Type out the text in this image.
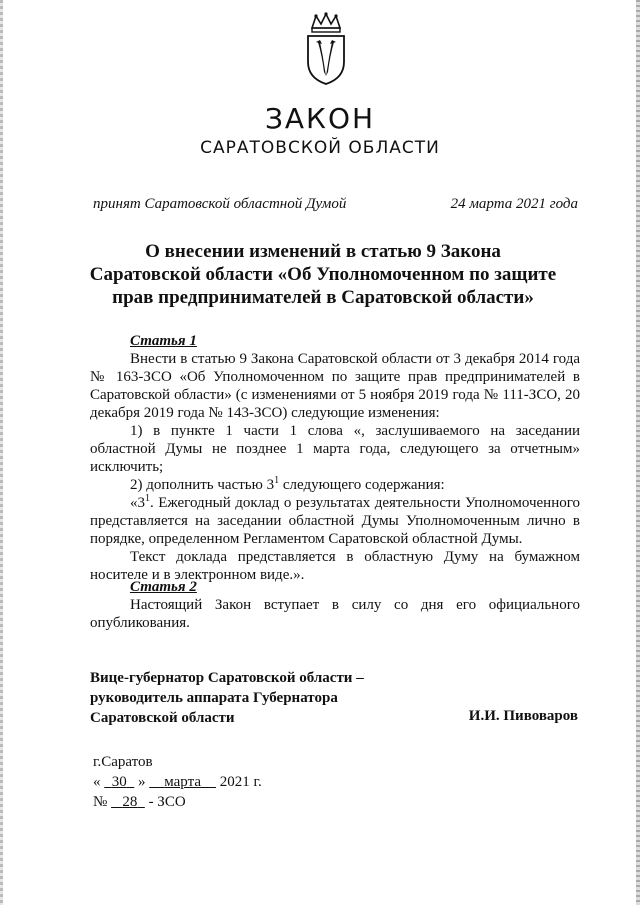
ЗАКОН
САРАТОВСКОЙ ОБЛАСТИ
принят Саратовской областной Думой	24 марта 2021 года
О внесении изменений в статью 9 Закона Саратовской области «Об Уполномоченном по защите прав предпринимателей в Саратовской области»
Статья 1

Внести в статью 9 Закона Саратовской области от 3 декабря 2014 года № 163-ЗСО «Об Уполномоченном по защите прав предпринимателей в Саратовской области» (с изменениями от 5 ноября 2019 года № 111-ЗСО, 20 декабря 2019 года № 143-ЗСО) следующие изменения:

1) в пункте 1 части 1 слова «, заслушиваемого на заседании областной Думы не позднее 1 марта года, следующего за отчетным» исключить;

2) дополнить частью $3^1$ следующего содержания:

«$3^1$. Ежегодный доклад о результатах деятельности Уполномоченного представляется на заседании областной Думы Уполномоченным лично в порядке, определенном Регламентом Саратовской областной Думы.

Текст доклада представляется в областную Думу на бумажном носителе и в электронном виде.».

Статья 2

Настоящий Закон вступает в силу со дня его официального опубликования.

Вице-губернатор Саратовской области –
руководитель аппарата Губернатора
Саратовской области	И.И. Пивоваров
г.Саратов
« 30 » марта 2021 г.
№ 28 - ЗСО
